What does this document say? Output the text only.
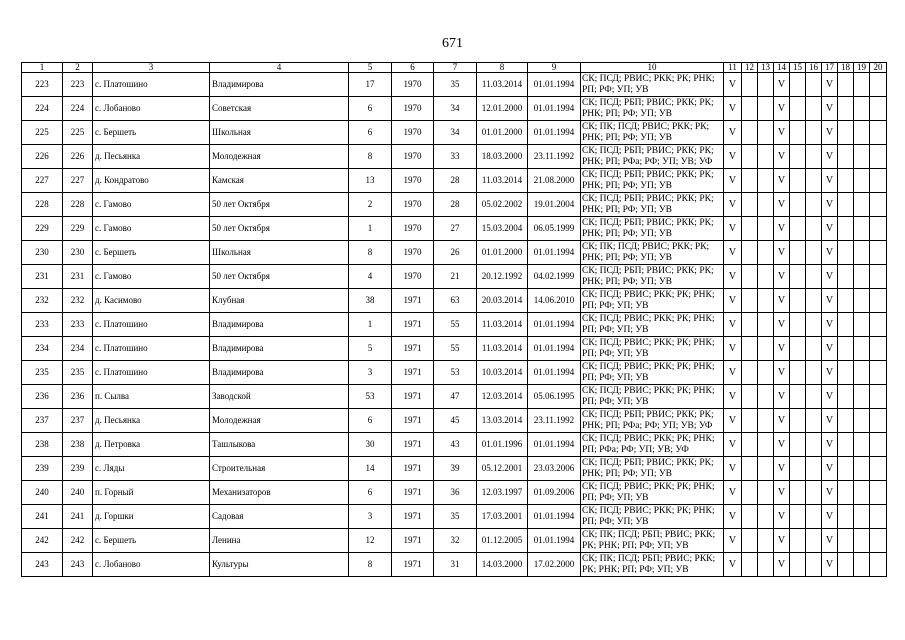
671
1	2	3	4	5	6	7	8	9	10	11	12	13	14	15	16	17	18	19	20
223	223	с. Платошино	Владимирова	17	1970	35	11.03.2014	01.01.1994	СК; ПСД; РВИС; РКК; РК; РНК; РП; РФ; УП; УВ	V			V			V			
224	224	с. Лобаново	Советская	6	1970	34	12.01.2000	01.01.1994	СК; ПСД; РБП; РВИС; РКК; РК; РНК; РП; РФ; УП; УВ	V			V			V			
225	225	с. Бершеть	Школьная	6	1970	34	01.01.2000	01.01.1994	СК; ПК; ПСД; РВИС; РКК; РК; РНК; РП; РФ; УП; УВ	V			V			V			
226	226	д. Песьянка	Молодежная	8	1970	33	18.03.2000	23.11.1992	СК; ПСД; РБП; РВИС; РКК; РК; РНК; РП; РФа; РФ; УП; УВ; УФ	V			V			V			
227	227	д. Кондратово	Камская	13	1970	28	11.03.2014	21.08.2000	СК; ПСД; РБП; РВИС; РКК; РК; РНК; РП; РФ; УП; УВ	V			V			V			
228	228	с. Гамово	50 лет Октября	2	1970	28	05.02.2002	19.01.2004	СК; ПСД; РБП; РВИС; РКК; РК; РНК; РП; РФ; УП; УВ	V			V			V			
229	229	с. Гамово	50 лет Октября	1	1970	27	15.03.2004	06.05.1999	СК; ПСД; РБП; РВИС; РКК; РК; РНК; РП; РФ; УП; УВ	V			V			V			
230	230	с. Бершеть	Школьная	8	1970	26	01.01.2000	01.01.1994	СК; ПК; ПСД; РВИС; РКК; РК; РНК; РП; РФ; УП; УВ	V			V			V			
231	231	с. Гамово	50 лет Октября	4	1970	21	20.12.1992	04.02.1999	СК; ПСД; РБП; РВИС; РКК; РК; РНК; РП; РФ; УП; УВ	V			V			V			
232	232	д. Касимово	Клубная	38	1971	63	20.03.2014	14.06.2010	СК; ПСД; РВИС; РКК; РК; РНК; РП; РФ; УП; УВ	V			V			V			
233	233	с. Платошино	Владимирова	1	1971	55	11.03.2014	01.01.1994	СК; ПСД; РВИС; РКК; РК; РНК; РП; РФ; УП; УВ	V			V			V			
234	234	с. Платошино	Владимирова	5	1971	55	11.03.2014	01.01.1994	СК; ПСД; РВИС; РКК; РК; РНК; РП; РФ; УП; УВ	V			V			V			
235	235	с. Платошино	Владимирова	3	1971	53	10.03.2014	01.01.1994	СК; ПСД; РВИС; РКК; РК; РНК; РП; РФ; УП; УВ	V			V			V			
236	236	п. Сылва	Заводской	53	1971	47	12.03.2014	05.06.1995	СК; ПСД; РВИС; РКК; РК; РНК; РП; РФ; УП; УВ	V			V			V			
237	237	д. Песьянка	Молодежная	6	1971	45	13.03.2014	23.11.1992	СК; ПСД; РБП; РВИС; РКК; РК; РНК; РП; РФа; РФ; УП; УВ; УФ	V			V			V			
238	238	д. Петровка	Ташлыкова	30	1971	43	01.01.1996	01.01.1994	СК; ПСД; РВИС; РКК; РК; РНК; РП; РФа; РФ; УП; УВ; УФ	V			V			V			
239	239	с. Ляды	Строительная	14	1971	39	05.12.2001	23.03.2006	СК; ПСД; РБП; РВИС; РКК; РК; РНК; РП; РФ; УП; УВ	V			V			V			
240	240	п. Горный	Механизаторов	6	1971	36	12.03.1997	01.09.2006	СК; ПСД; РВИС; РКК; РК; РНК; РП; РФ; УП; УВ	V			V			V			
241	241	д. Горшки	Садовая	3	1971	35	17.03.2001	01.01.1994	СК; ПСД; РВИС; РКК; РК; РНК; РП; РФ; УП; УВ	V			V			V			
242	242	с. Бершеть	Ленина	12	1971	32	01.12.2005	01.01.1994	СК; ПК; ПСД; РБП; РВИС; РКК; РК; РНК; РП; РФ; УП; УВ	V			V			V			
243	243	с. Лобаново	Культуры	8	1971	31	14.03.2000	17.02.2000	СК; ПК; ПСД; РБП; РВИС; РКК; РК; РНК; РП; РФ; УП; УВ	V			V			V			
